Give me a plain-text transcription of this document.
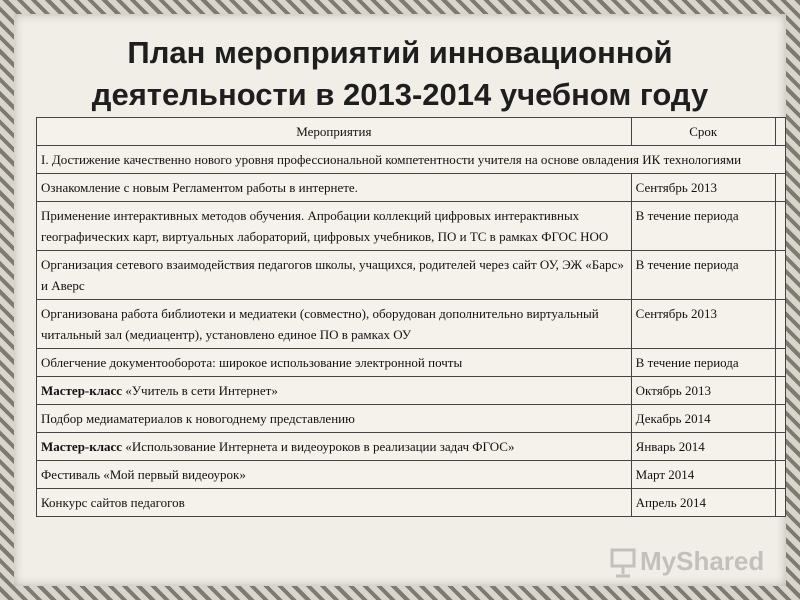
План мероприятий инновационной
деятельности в 2013-2014 учебном году
Мероприятия	Срок	
I. Достижение качественно нового уровня профессиональной компетентности учителя на основе овладения ИК технологиями		
Ознакомление с новым Регламентом работы в интернете.	Сентябрь 2013	
Применение интерактивных методов обучения. Апробации коллекций цифровых интерактивных географических карт, виртуальных лабораторий, цифровых учебников, ПО и ТС в рамках ФГОС НОО	В течение периода	
Организация сетевого взаимодействия педагогов школы, учащихся, родителей через сайт ОУ, ЭЖ «Барс» и Аверс	В течение периода	
Организована работа библиотеки и медиатеки (совместно), оборудован дополнительно виртуальный читальный зал (медиацентр), установлено единое ПО в рамках ОУ	Сентябрь 2013	
Облегчение документооборота: широкое использование электронной почты	В течение периода	
Мастер-класс «Учитель в сети Интернет»	Октябрь 2013	
Подбор медиаматериалов к новогоднему представлению	Декабрь 2014	
Мастер-класс «Использование Интернета и видеоуроков в реализации задач ФГОС»	Январь 2014	
Фестиваль «Мой первый видеоурок»	Март 2014	
Конкурс сайтов педагогов	Апрель 2014	
MyShared
